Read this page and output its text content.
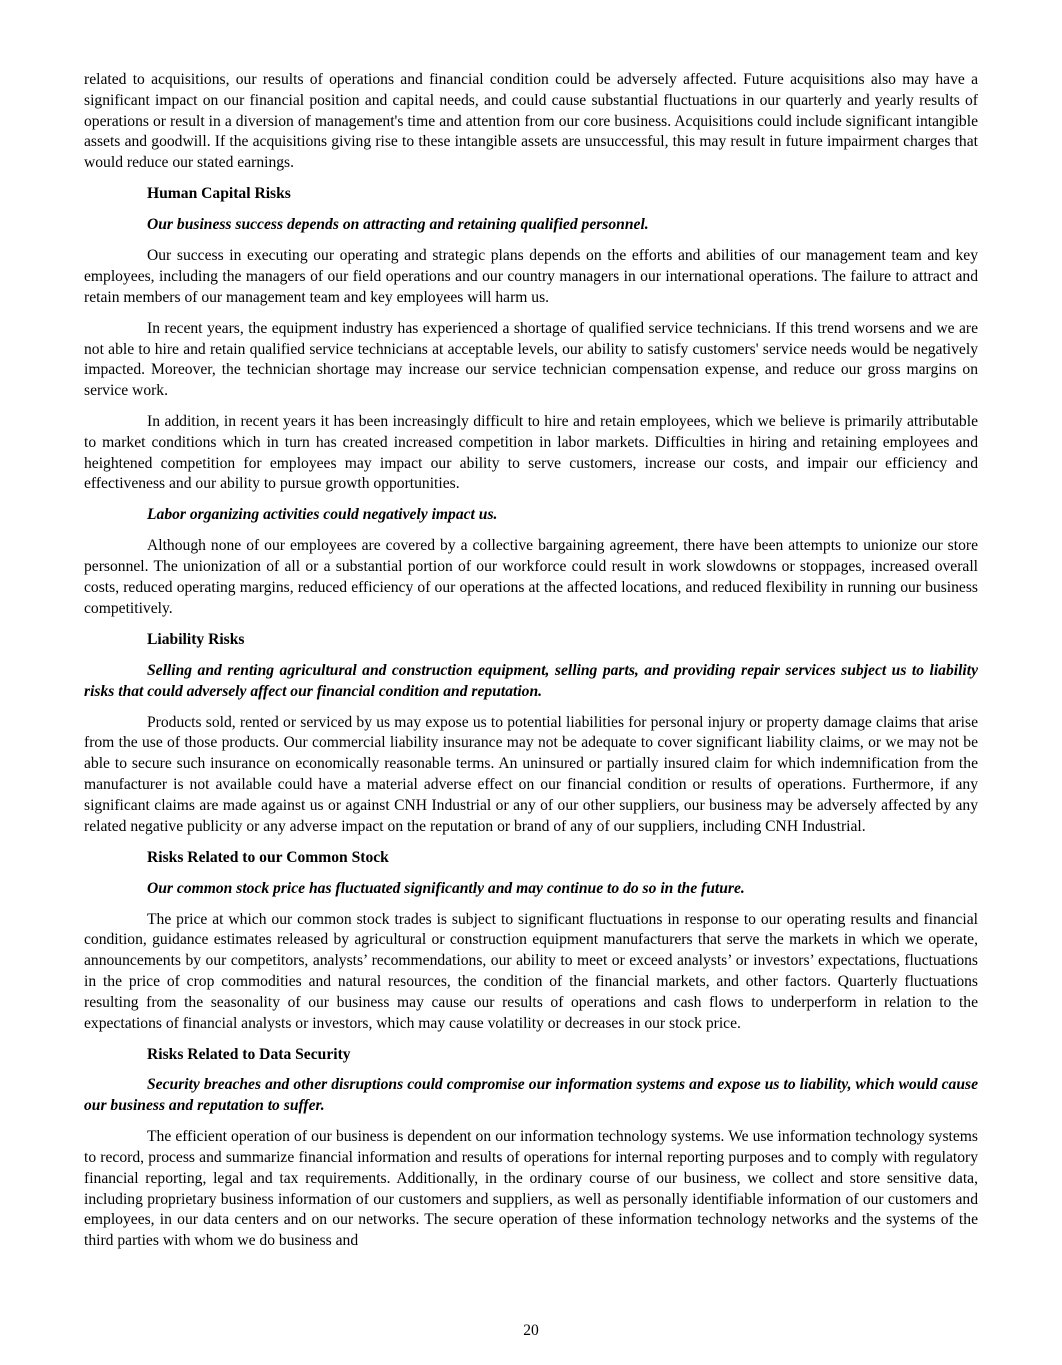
related to acquisitions, our results of operations and financial condition could be adversely affected. Future acquisitions also may have a significant impact on our financial position and capital needs, and could cause substantial fluctuations in our quarterly and yearly results of operations or result in a diversion of management's time and attention from our core business. Acquisitions could include significant intangible assets and goodwill. If the acquisitions giving rise to these intangible assets are unsuccessful, this may result in future impairment charges that would reduce our stated earnings.

Human Capital Risks

Our business success depends on attracting and retaining qualified personnel.

Our success in executing our operating and strategic plans depends on the efforts and abilities of our management team and key employees, including the managers of our field operations and our country managers in our international operations. The failure to attract and retain members of our management team and key employees will harm us.

In recent years, the equipment industry has experienced a shortage of qualified service technicians. If this trend worsens and we are not able to hire and retain qualified service technicians at acceptable levels, our ability to satisfy customers' service needs would be negatively impacted. Moreover, the technician shortage may increase our service technician compensation expense, and reduce our gross margins on service work.

In addition, in recent years it has been increasingly difficult to hire and retain employees, which we believe is primarily attributable to market conditions which in turn has created increased competition in labor markets. Difficulties in hiring and retaining employees and heightened competition for employees may impact our ability to serve customers, increase our costs, and impair our efficiency and effectiveness and our ability to pursue growth opportunities.

Labor organizing activities could negatively impact us.

Although none of our employees are covered by a collective bargaining agreement, there have been attempts to unionize our store personnel. The unionization of all or a substantial portion of our workforce could result in work slowdowns or stoppages, increased overall costs, reduced operating margins, reduced efficiency of our operations at the affected locations, and reduced flexibility in running our business competitively.

Liability Risks

Selling and renting agricultural and construction equipment, selling parts, and providing repair services subject us to liability risks that could adversely affect our financial condition and reputation.

Products sold, rented or serviced by us may expose us to potential liabilities for personal injury or property damage claims that arise from the use of those products. Our commercial liability insurance may not be adequate to cover significant liability claims, or we may not be able to secure such insurance on economically reasonable terms. An uninsured or partially insured claim for which indemnification from the manufacturer is not available could have a material adverse effect on our financial condition or results of operations. Furthermore, if any significant claims are made against us or against CNH Industrial or any of our other suppliers, our business may be adversely affected by any related negative publicity or any adverse impact on the reputation or brand of any of our suppliers, including CNH Industrial.

Risks Related to our Common Stock

Our common stock price has fluctuated significantly and may continue to do so in the future.

The price at which our common stock trades is subject to significant fluctuations in response to our operating results and financial condition, guidance estimates released by agricultural or construction equipment manufacturers that serve the markets in which we operate, announcements by our competitors, analysts’ recommendations, our ability to meet or exceed analysts’ or investors’ expectations, fluctuations in the price of crop commodities and natural resources, the condition of the financial markets, and other factors. Quarterly fluctuations resulting from the seasonality of our business may cause our results of operations and cash flows to underperform in relation to the expectations of financial analysts or investors, which may cause volatility or decreases in our stock price.

Risks Related to Data Security

Security breaches and other disruptions could compromise our information systems and expose us to liability, which would cause our business and reputation to suffer.

The efficient operation of our business is dependent on our information technology systems. We use information technology systems to record, process and summarize financial information and results of operations for internal reporting purposes and to comply with regulatory financial reporting, legal and tax requirements. Additionally, in the ordinary course of our business, we collect and store sensitive data, including proprietary business information of our customers and suppliers, as well as personally identifiable information of our customers and employees, in our data centers and on our networks. The secure operation of these information technology networks and the systems of the third parties with whom we do business and

20
